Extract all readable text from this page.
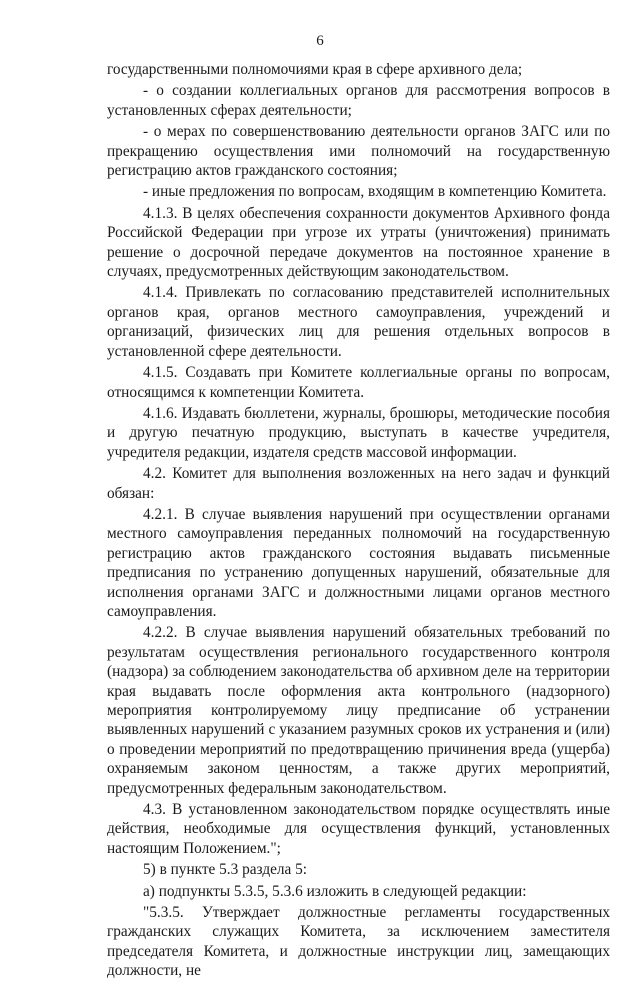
6

государственными полномочиями края в сфере архивного дела;

- о создании коллегиальных органов для рассмотрения вопросов в установленных сферах деятельности;

- о мерах по совершенствованию деятельности органов ЗАГС или по прекращению осуществления ими полномочий на государственную регистрацию актов гражданского состояния;

- иные предложения по вопросам, входящим в компетенцию Комитета.

4.1.3. В целях обеспечения сохранности документов Архивного фонда Российской Федерации при угрозе их утраты (уничтожения) принимать решение о досрочной передаче документов на постоянное хранение в случаях, предусмотренных действующим законодательством.

4.1.4. Привлекать по согласованию представителей исполнительных органов края, органов местного самоуправления, учреждений и организаций, физических лиц для решения отдельных вопросов в установленной сфере деятельности.

4.1.5. Создавать при Комитете коллегиальные органы по вопросам, относящимся к компетенции Комитета.

4.1.6. Издавать бюллетени, журналы, брошюры, методические пособия и другую печатную продукцию, выступать в качестве учредителя, учредителя редакции, издателя средств массовой информации.

4.2. Комитет для выполнения возложенных на него задач и функций обязан:

4.2.1. В случае выявления нарушений при осуществлении органами местного самоуправления переданных полномочий на государственную регистрацию актов гражданского состояния выдавать письменные предписания по устранению допущенных нарушений, обязательные для исполнения органами ЗАГС и должностными лицами органов местного самоуправления.

4.2.2. В случае выявления нарушений обязательных требований по результатам осуществления регионального государственного контроля (надзора) за соблюдением законодательства об архивном деле на территории края выдавать после оформления акта контрольного (надзорного) мероприятия контролируемому лицу предписание об устранении выявленных нарушений с указанием разумных сроков их устранения и (или) о проведении мероприятий по предотвращению причинения вреда (ущерба) охраняемым законом ценностям, а также других мероприятий, предусмотренных федеральным законодательством.

4.3. В установленном законодательством порядке осуществлять иные действия, необходимые для осуществления функций, установленных настоящим Положением.";

5) в пункте 5.3 раздела 5:

а) подпункты 5.3.5, 5.3.6 изложить в следующей редакции:

"5.3.5. Утверждает должностные регламенты государственных гражданских служащих Комитета, за исключением заместителя председателя Комитета, и должностные инструкции лиц, замещающих должности, не
